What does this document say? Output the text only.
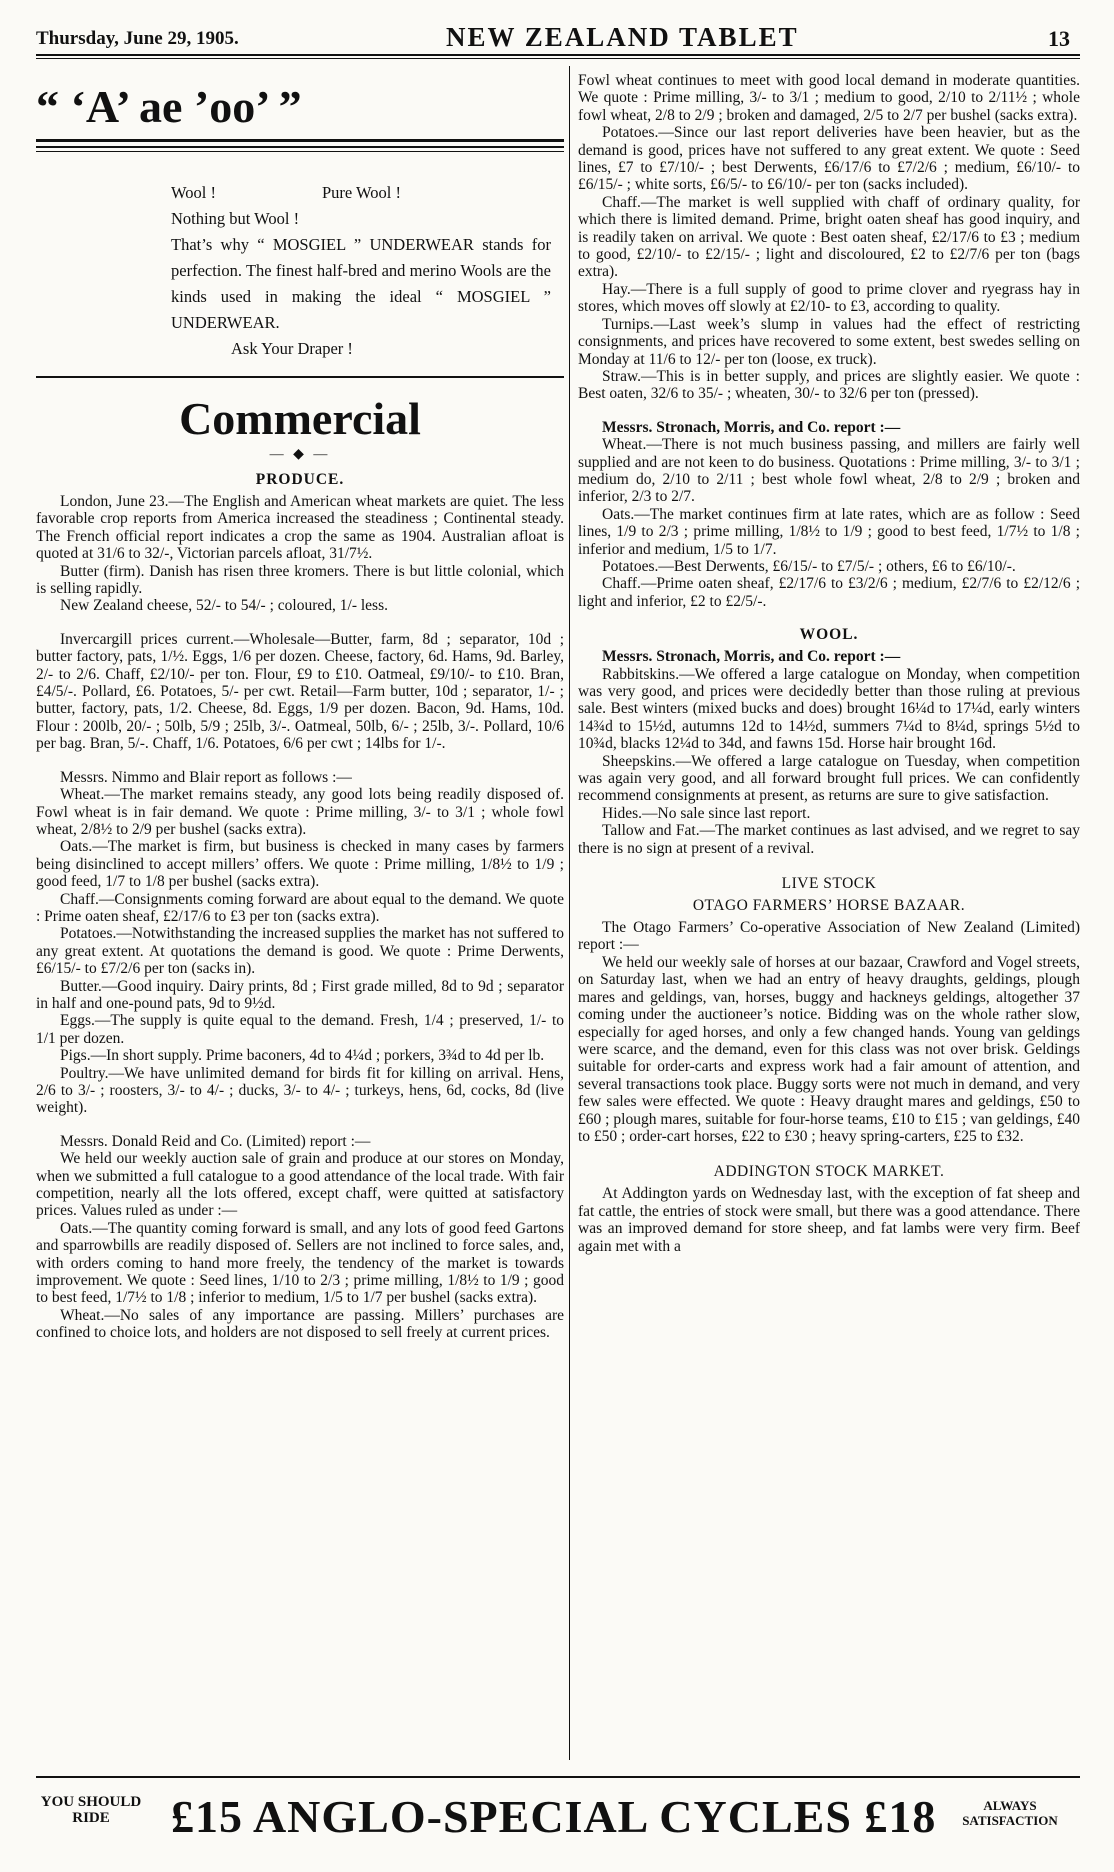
Thursday, June 29, 1905.	NEW ZEALAND TABLET	13
“ ‘A’ ae ’oo’ ”
Wool !	Pure Wool !

Nothing but Wool !

That’s why “ MOSGIEL ” UNDERWEAR stands for perfection. The finest half-bred and merino Wools are the kinds used in making the ideal “ MOSGIEL ” UNDERWEAR.

Ask Your Draper !

Commercial
— ◆ —
PRODUCE.

London, June 23.—The English and American wheat markets are quiet. The less favorable crop reports from America increased the steadiness ; Continental steady. The French official report indicates a crop the same as 1904. Australian afloat is quoted at 31/6 to 32/-, Victorian parcels afloat, 31/7½.

Butter (firm). Danish has risen three kromers. There is but little colonial, which is selling rapidly.

New Zealand cheese, 52/- to 54/- ; coloured, 1/- less.

Invercargill prices current.—Wholesale—Butter, farm, 8d ; separator, 10d ; butter factory, pats, 1/½. Eggs, 1/6 per dozen. Cheese, factory, 6d. Hams, 9d. Barley, 2/- to 2/6. Chaff, £2/10/- per ton. Flour, £9 to £10. Oatmeal, £9/10/- to £10. Bran, £4/5/-. Pollard, £6. Potatoes, 5/- per cwt. Retail—Farm butter, 10d ; separator, 1/- ; butter, factory, pats, 1/2. Cheese, 8d. Eggs, 1/9 per dozen. Bacon, 9d. Hams, 10d. Flour : 200lb, 20/- ; 50lb, 5/9 ; 25lb, 3/-. Oatmeal, 50lb, 6/- ; 25lb, 3/-. Pollard, 10/6 per bag. Bran, 5/-. Chaff, 1/6. Potatoes, 6/6 per cwt ; 14lbs for 1/-.

Messrs. Nimmo and Blair report as follows :—

Wheat.—The market remains steady, any good lots being readily disposed of. Fowl wheat is in fair demand. We quote : Prime milling, 3/- to 3/1 ; whole fowl wheat, 2/8½ to 2/9 per bushel (sacks extra).

Oats.—The market is firm, but business is checked in many cases by farmers being disinclined to accept millers’ offers. We quote : Prime milling, 1/8½ to 1/9 ; good feed, 1/7 to 1/8 per bushel (sacks extra).

Chaff.—Consignments coming forward are about equal to the demand. We quote : Prime oaten sheaf, £2/17/6 to £3 per ton (sacks extra).

Potatoes.—Notwithstanding the increased supplies the market has not suffered to any great extent. At quotations the demand is good. We quote : Prime Derwents, £6/15/- to £7/2/6 per ton (sacks in).

Butter.—Good inquiry. Dairy prints, 8d ; First grade milled, 8d to 9d ; separator in half and one-pound pats, 9d to 9½d.

Eggs.—The supply is quite equal to the demand. Fresh, 1/4 ; preserved, 1/- to 1/1 per dozen.

Pigs.—In short supply. Prime baconers, 4d to 4¼d ; porkers, 3¾d to 4d per lb.

Poultry.—We have unlimited demand for birds fit for killing on arrival. Hens, 2/6 to 3/- ; roosters, 3/- to 4/- ; ducks, 3/- to 4/- ; turkeys, hens, 6d, cocks, 8d (live weight).

Messrs. Donald Reid and Co. (Limited) report :—

We held our weekly auction sale of grain and produce at our stores on Monday, when we submitted a full catalogue to a good attendance of the local trade. With fair competition, nearly all the lots offered, except chaff, were quitted at satisfactory prices. Values ruled as under :—

Oats.—The quantity coming forward is small, and any lots of good feed Gartons and sparrowbills are readily disposed of. Sellers are not inclined to force sales, and, with orders coming to hand more freely, the tendency of the market is towards improvement. We quote : Seed lines, 1/10 to 2/3 ; prime milling, 1/8½ to 1/9 ; good to best feed, 1/7½ to 1/8 ; inferior to medium, 1/5 to 1/7 per bushel (sacks extra).

Wheat.—No sales of any importance are passing. Millers’ purchases are confined to choice lots, and holders are not disposed to sell freely at current prices.

Fowl wheat continues to meet with good local demand in moderate quantities. We quote : Prime milling, 3/- to 3/1 ; medium to good, 2/10 to 2/11½ ; whole fowl wheat, 2/8 to 2/9 ; broken and damaged, 2/5 to 2/7 per bushel (sacks extra).

Potatoes.—Since our last report deliveries have been heavier, but as the demand is good, prices have not suffered to any great extent. We quote : Seed lines, £7 to £7/10/- ; best Derwents, £6/17/6 to £7/2/6 ; medium, £6/10/- to £6/15/- ; white sorts, £6/5/- to £6/10/- per ton (sacks included).

Chaff.—The market is well supplied with chaff of ordinary quality, for which there is limited demand. Prime, bright oaten sheaf has good inquiry, and is readily taken on arrival. We quote : Best oaten sheaf, £2/17/6 to £3 ; medium to good, £2/10/- to £2/15/- ; light and discoloured, £2 to £2/7/6 per ton (bags extra).

Hay.—There is a full supply of good to prime clover and ryegrass hay in stores, which moves off slowly at £2/10- to £3, according to quality.

Turnips.—Last week’s slump in values had the effect of restricting consignments, and prices have recovered to some extent, best swedes selling on Monday at 11/6 to 12/- per ton (loose, ex truck).

Straw.—This is in better supply, and prices are slightly easier. We quote : Best oaten, 32/6 to 35/- ; wheaten, 30/- to 32/6 per ton (pressed).

Messrs. Stronach, Morris, and Co. report :—

Wheat.—There is not much business passing, and millers are fairly well supplied and are not keen to do business. Quotations : Prime milling, 3/- to 3/1 ; medium do, 2/10 to 2/11 ; best whole fowl wheat, 2/8 to 2/9 ; broken and inferior, 2/3 to 2/7.

Oats.—The market continues firm at late rates, which are as follow : Seed lines, 1/9 to 2/3 ; prime milling, 1/8½ to 1/9 ; good to best feed, 1/7½ to 1/8 ; inferior and medium, 1/5 to 1/7.

Potatoes.—Best Derwents, £6/15/- to £7/5/- ; others, £6 to £6/10/-.

Chaff.—Prime oaten sheaf, £2/17/6 to £3/2/6 ; medium, £2/7/6 to £2/12/6 ; light and inferior, £2 to £2/5/-.

WOOL.

Messrs. Stronach, Morris, and Co. report :—

Rabbitskins.—We offered a large catalogue on Monday, when competition was very good, and prices were decidedly better than those ruling at previous sale. Best winters (mixed bucks and does) brought 16¼d to 17¼d, early winters 14¾d to 15½d, autumns 12d to 14½d, summers 7¼d to 8¼d, springs 5½d to 10¾d, blacks 12¼d to 34d, and fawns 15d. Horse hair brought 16d.

Sheepskins.—We offered a large catalogue on Tuesday, when competition was again very good, and all forward brought full prices. We can confidently recommend consignments at present, as returns are sure to give satisfaction.

Hides.—No sale since last report.

Tallow and Fat.—The market continues as last advised, and we regret to say there is no sign at present of a revival.

LIVE STOCK
OTAGO FARMERS’ HORSE BAZAAR.

The Otago Farmers’ Co-operative Association of New Zealand (Limited) report :—

We held our weekly sale of horses at our bazaar, Crawford and Vogel streets, on Saturday last, when we had an entry of heavy draughts, geldings, plough mares and geldings, van, horses, buggy and hackneys geldings, altogether 37 coming under the auctioneer’s notice. Bidding was on the whole rather slow, especially for aged horses, and only a few changed hands. Young van geldings were scarce, and the demand, even for this class was not over brisk. Geldings suitable for order-carts and express work had a fair amount of attention, and several transactions took place. Buggy sorts were not much in demand, and very few sales were effected. We quote : Heavy draught mares and geldings, £50 to £60 ; plough mares, suitable for four-horse teams, £10 to £15 ; van geldings, £40 to £50 ; order-cart horses, £22 to £30 ; heavy spring-carters, £25 to £32.

ADDINGTON STOCK MARKET.

At Addington yards on Wednesday last, with the exception of fat sheep and fat cattle, the entries of stock were small, but there was a good attendance. There was an improved demand for store sheep, and fat lambs were very firm. Beef again met with a

YOU SHOULD RIDE	£15 ANGLO-SPECIAL CYCLES £18	ALWAYS SATISFACTION
